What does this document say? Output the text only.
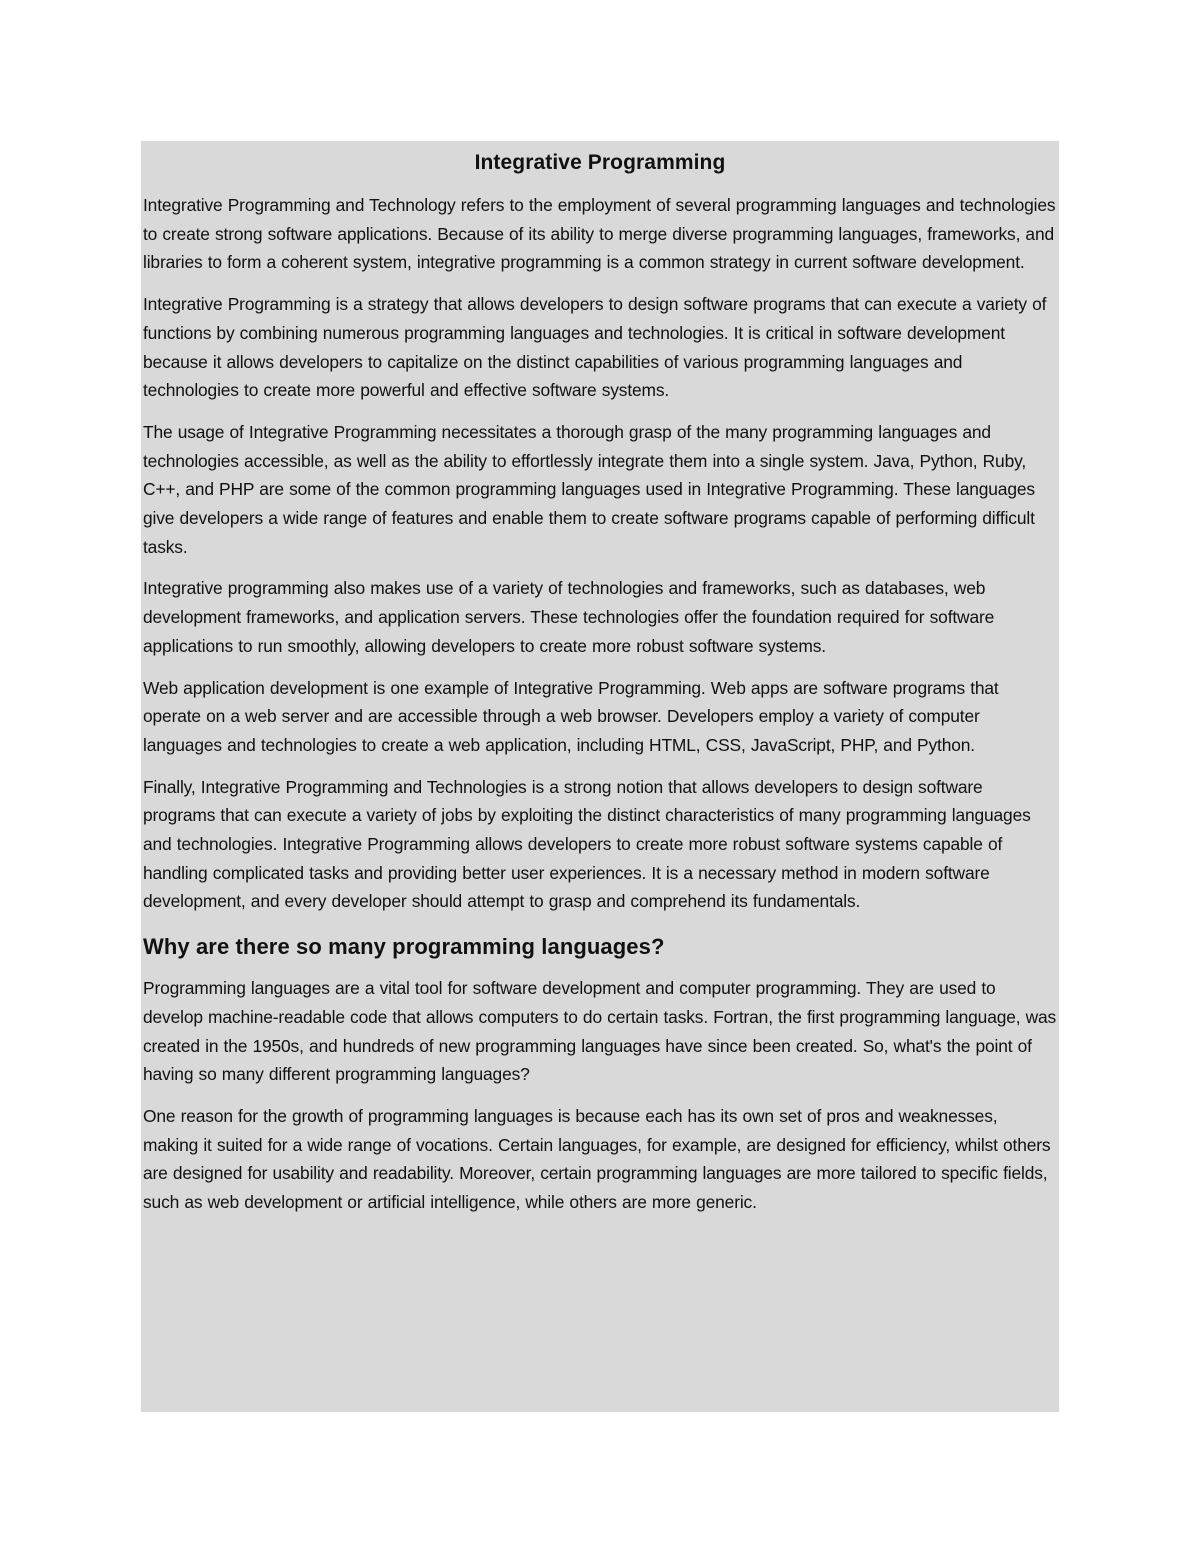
Integrative Programming

Integrative Programming and Technology refers to the employment of several programming languages and technologies to create strong software applications. Because of its ability to merge diverse programming languages, frameworks, and libraries to form a coherent system, integrative programming is a common strategy in current software development.

Integrative Programming is a strategy that allows developers to design software programs that can execute a variety of functions by combining numerous programming languages and technologies. It is critical in software development because it allows developers to capitalize on the distinct capabilities of various programming languages and technologies to create more powerful and effective software systems.

The usage of Integrative Programming necessitates a thorough grasp of the many programming languages and technologies accessible, as well as the ability to effortlessly integrate them into a single system. Java, Python, Ruby, C++, and PHP are some of the common programming languages used in Integrative Programming. These languages give developers a wide range of features and enable them to create software programs capable of performing difficult tasks.

Integrative programming also makes use of a variety of technologies and frameworks, such as databases, web development frameworks, and application servers. These technologies offer the foundation required for software applications to run smoothly, allowing developers to create more robust software systems.

Web application development is one example of Integrative Programming. Web apps are software programs that operate on a web server and are accessible through a web browser. Developers employ a variety of computer languages and technologies to create a web application, including HTML, CSS, JavaScript, PHP, and Python.

Finally, Integrative Programming and Technologies is a strong notion that allows developers to design software programs that can execute a variety of jobs by exploiting the distinct characteristics of many programming languages and technologies. Integrative Programming allows developers to create more robust software systems capable of handling complicated tasks and providing better user experiences. It is a necessary method in modern software development, and every developer should attempt to grasp and comprehend its fundamentals.

Why are there so many programming languages?

Programming languages are a vital tool for software development and computer programming. They are used to develop machine-readable code that allows computers to do certain tasks. Fortran, the first programming language, was created in the 1950s, and hundreds of new programming languages have since been created. So, what's the point of having so many different programming languages?

One reason for the growth of programming languages is because each has its own set of pros and weaknesses, making it suited for a wide range of vocations. Certain languages, for example, are designed for efficiency, whilst others are designed for usability and readability. Moreover, certain programming languages are more tailored to specific fields, such as web development or artificial intelligence, while others are more generic.
